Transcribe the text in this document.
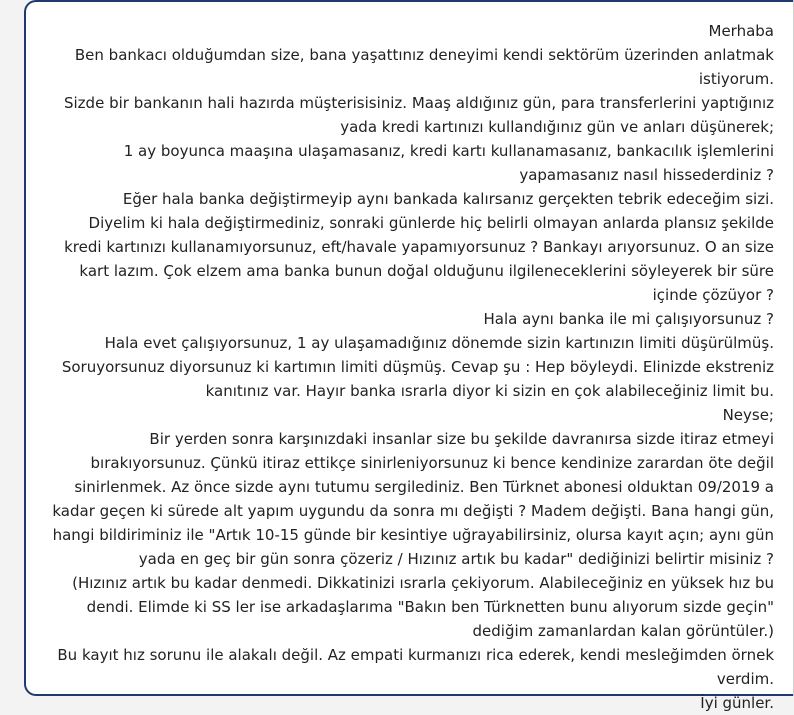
Merhaba

Ben bankacı olduğumdan size, bana yaşattınız deneyimi kendi sektörüm üzerinden anlatmak istiyorum.

Sizde bir bankanın hali hazırda müşterisisiniz. Maaş aldığınız gün, para transferlerini yaptığınız yada kredi kartınızı kullandığınız gün ve anları düşünerek;

1 ay boyunca maaşına ulaşamasanız, kredi kartı kullanamasanız, bankacılık işlemlerini yapamasanız nasıl hissederdiniz ?

Eğer hala banka değiştirmeyip aynı bankada kalırsanız gerçekten tebrik edeceğim sizi.

Diyelim ki hala değiştirmediniz, sonraki günlerde hiç belirli olmayan anlarda plansız şekilde kredi kartınızı kullanamıyorsunuz, eft/havale yapamıyorsunuz ? Bankayı arıyorsunuz. O an size kart lazım. Çok elzem ama banka bunun doğal olduğunu ilgileneceklerini söyleyerek bir süre içinde çözüyor ?

Hala aynı banka ile mi çalışıyorsunuz ?

Hala evet çalışıyorsunuz, 1 ay ulaşamadığınız dönemde sizin kartınızın limiti düşürülmüş.

Soruyorsunuz diyorsunuz ki kartımın limiti düşmüş. Cevap şu : Hep böyleydi. Elinizde ekstreniz kanıtınız var. Hayır banka ısrarla diyor ki sizin en çok alabileceğiniz limit bu.

Neyse;

Bir yerden sonra karşınızdaki insanlar size bu şekilde davranırsa sizde itiraz etmeyi bırakıyorsunuz. Çünkü itiraz ettikçe sinirleniyorsunuz ki bence kendinize zarardan öte değil sinirlenmek. Az önce sizde aynı tutumu sergilediniz. Ben Türknet abonesi olduktan 09/2019 a kadar geçen ki sürede alt yapım uygundu da sonra mı değişti ? Madem değişti. Bana hangi gün, hangi bildiriminiz ile "Artık 10-15 günde bir kesintiye uğrayabilirsiniz, olursa kayıt açın; aynı gün yada en geç bir gün sonra çözeriz / Hızınız artık bu kadar" dediğinizi belirtir misiniz ?

(Hızınız artık bu kadar denmedi. Dikkatinizi ısrarla çekiyorum. Alabileceğiniz en yüksek hız bu dendi. Elimde ki SS ler ise arkadaşlarıma "Bakın ben Türknetten bunu alıyorum sizde geçin" dediğim zamanlardan kalan görüntüler.)

Bu kayıt hız sorunu ile alakalı değil. Az empati kurmanızı rica ederek, kendi mesleğimden örnek verdim.

İyi günler.
